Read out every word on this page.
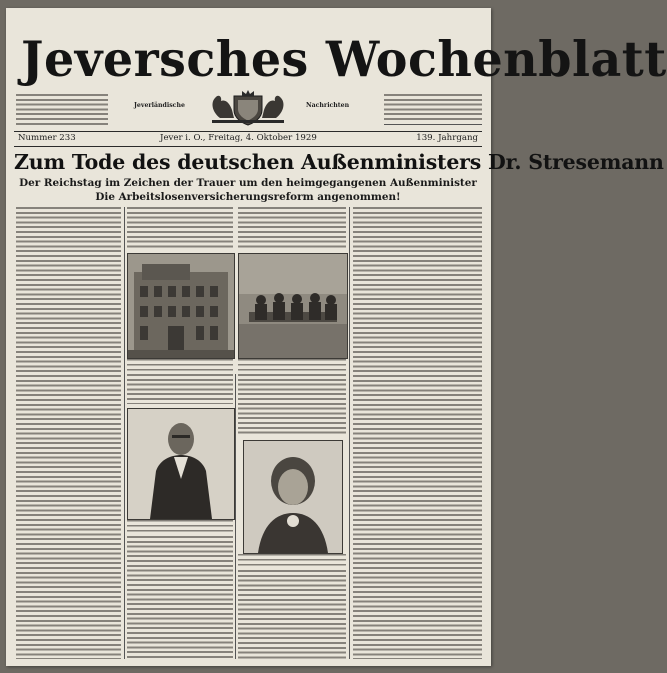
Jeversches Wochenblatt
Jeverländische	Nachrichten
Nummer 233	Jever i. O., Freitag, 4. Oktober 1929	139. Jahrgang
Zum Tode des deutschen Außenministers Dr. Stresemann
Der Reichstag im Zeichen der Trauer um den heimgegangenen Außenminister
Die Arbeitslosenversicherungsreform angenommen!
